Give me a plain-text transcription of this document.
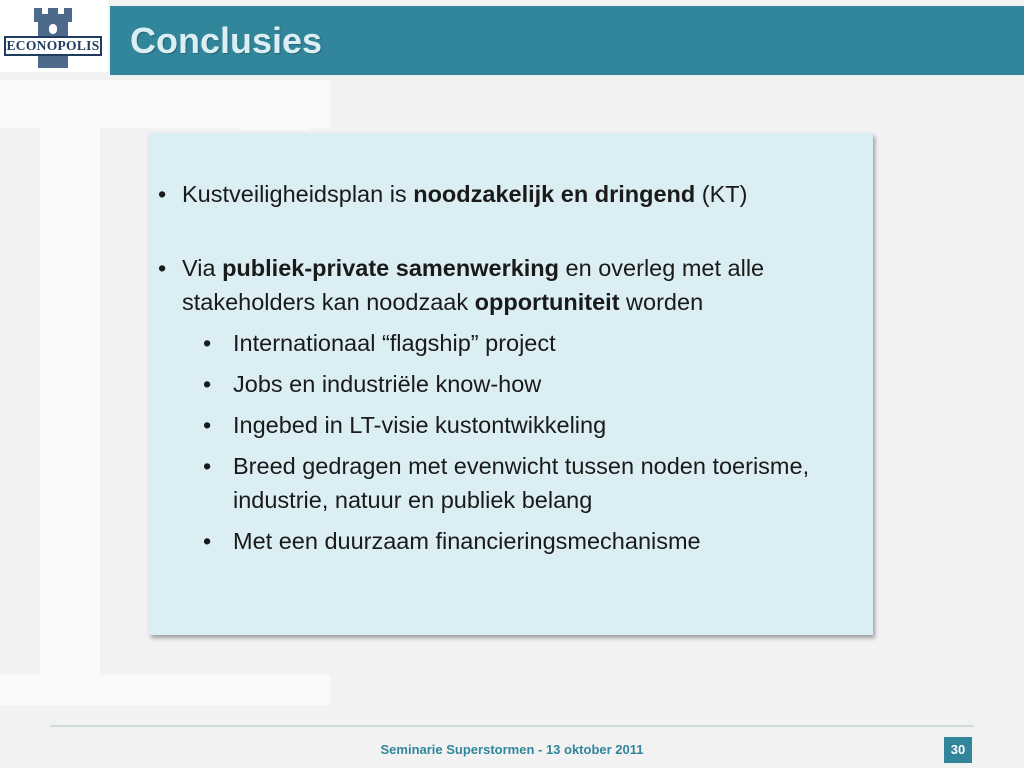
ECONOPOLIS Conclusies
• Kustveiligheidsplan is noodzakelijk en dringend (KT)
• Via publiek-private samenwerking en overleg met alle stakeholders kan noodzaak opportuniteit worden
• Internationaal “flagship” project
• Jobs en industriële know-how
• Ingebed in LT-visie kustontwikkeling
• Breed gedragen met evenwicht tussen noden toerisme, industrie, natuur en publiek belang
• Met een duurzaam financieringsmechanisme
Seminarie Superstormen - 13 oktober 2011	30
